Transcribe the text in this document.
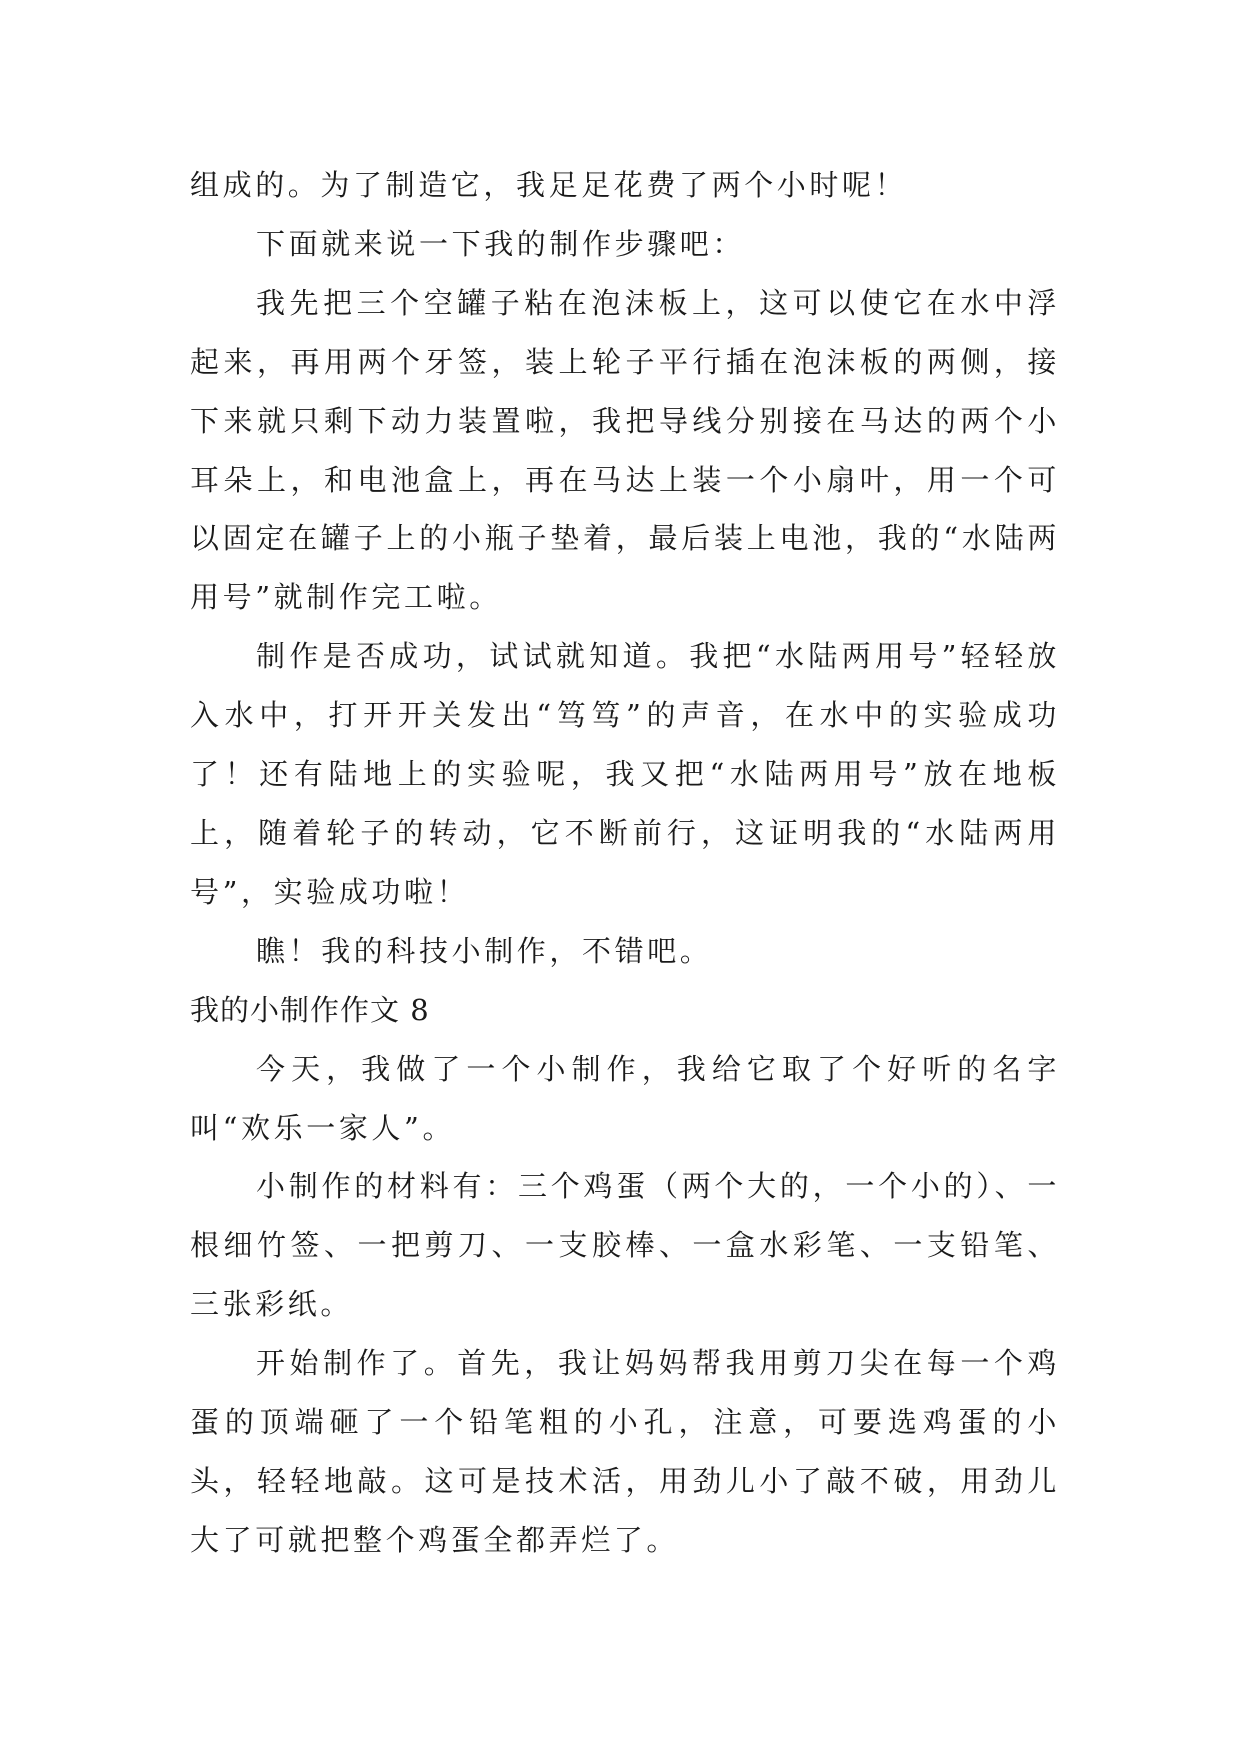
组成的。为了制造它，我足足花费了两个小时呢！

下面就来说一下我的制作步骤吧：

我先把三个空罐子粘在泡沫板上，这可以使它在水中浮起来，再用两个牙签，装上轮子平行插在泡沫板的两侧，接下来就只剩下动力装置啦，我把导线分别接在马达的两个小耳朵上，和电池盒上，再在马达上装一个小扇叶，用一个可以固定在罐子上的小瓶子垫着，最后装上电池，我的“水陆两用号”就制作完工啦。

制作是否成功，试试就知道。我把“水陆两用号”轻轻放入水中，打开开关发出“笃笃”的声音，在水中的实验成功了！还有陆地上的实验呢，我又把“水陆两用号”放在地板上，随着轮子的转动，它不断前行，这证明我的“水陆两用号”，实验成功啦！

瞧！我的科技小制作，不错吧。

我的小制作作文 8

今天，我做了一个小制作，我给它取了个好听的名字叫“欢乐一家人”。

小制作的材料有：三个鸡蛋（两个大的，一个小的）、一根细竹签、一把剪刀、一支胶棒、一盒水彩笔、一支铅笔、三张彩纸。

开始制作了。首先，我让妈妈帮我用剪刀尖在每一个鸡蛋的顶端砸了一个铅笔粗的小孔，注意，可要选鸡蛋的小头，轻轻地敲。这可是技术活，用劲儿小了敲不破，用劲儿大了可就把整个鸡蛋全都弄烂了。
